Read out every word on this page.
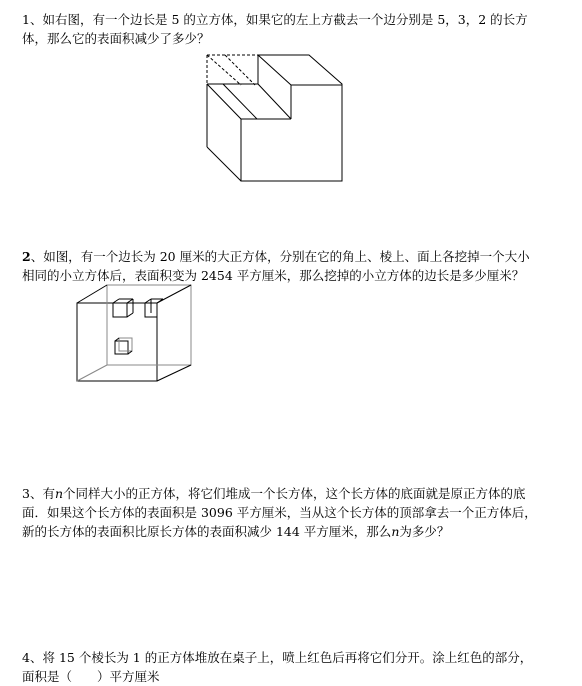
1、如右图，有一个边长是 5 的立方体，如果它的左上方截去一个边分别是 5，3，2 的长方体，那么它的表面积减少了多少？

2、如图，有一个边长为 20 厘米的大正方体，分别在它的角上、棱上、面上各挖掉一个大小相同的小立方体后，表面积变为 2454 平方厘米，那么挖掉的小立方体的边长是多少厘米？

3、有n个同样大小的正方体，将它们堆成一个长方体，这个长方体的底面就是原正方体的底面．如果这个长方体的表面积是 3096 平方厘米，当从这个长方体的顶部拿去一个正方体后，新的长方体的表面积比原长方体的表面积减少 144 平方厘米，那么n为多少？

4、将 15 个棱长为 1 的正方体堆放在桌子上，喷上红色后再将它们分开。涂上红色的部分，

面积是（　　）平方厘米
